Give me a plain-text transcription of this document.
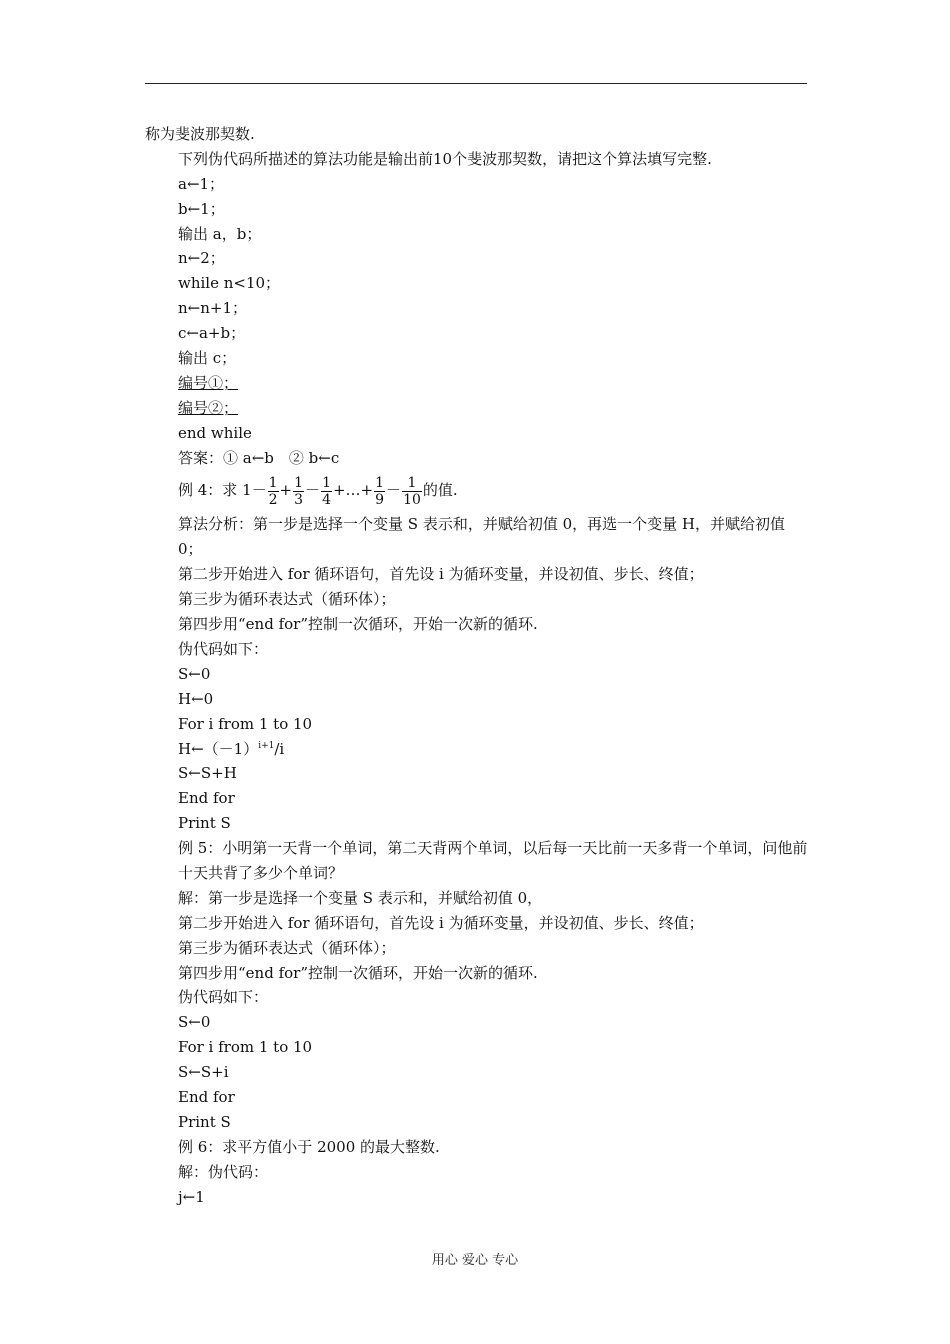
称为斐波那契数.
下列伪代码所描述的算法功能是输出前10个斐波那契数，请把这个算法填写完整.
a←1；
b←1；
输出 a，b；
n←2；
while n<10；
n←n+1；
c←a+b；
输出 c；
编号①；
编号②；
end while
答案：① a←b　② b←c
例 4：求 $1- \frac{1}{2} + \frac{1}{3} - \frac{1}{4}$ +…+ $\frac{1}{9} - \frac{1}{10}$ 的值.
算法分析：第一步是选择一个变量 S 表示和，并赋给初值 0，再选一个变量 H，并赋给初值 0；
第二步开始进入 for 循环语句，首先设 i 为循环变量，并设初值、步长、终值；
第三步为循环表达式（循环体）；
第四步用“end for”控制一次循环，开始一次新的循环.
伪代码如下：
S←0
H←0
For i from 1 to 10
$H\leftarrow(-1)^{i+1}/i$
S←S+H
End for
Print S
例 5：小明第一天背一个单词，第二天背两个单词，以后每一天比前一天多背一个单词，问他前十天共背了多少个单词？
解：第一步是选择一个变量 S 表示和，并赋给初值 0，
第二步开始进入 for 循环语句，首先设 i 为循环变量，并设初值、步长、终值；
第三步为循环表达式（循环体）；
第四步用“end for”控制一次循环，开始一次新的循环.
伪代码如下：
S←0
For i from 1 to 10
S←S+i
End for
Print S
例 6：求平方值小于 2000 的最大整数.
解：伪代码：
j←1
用心 爱心 专心
